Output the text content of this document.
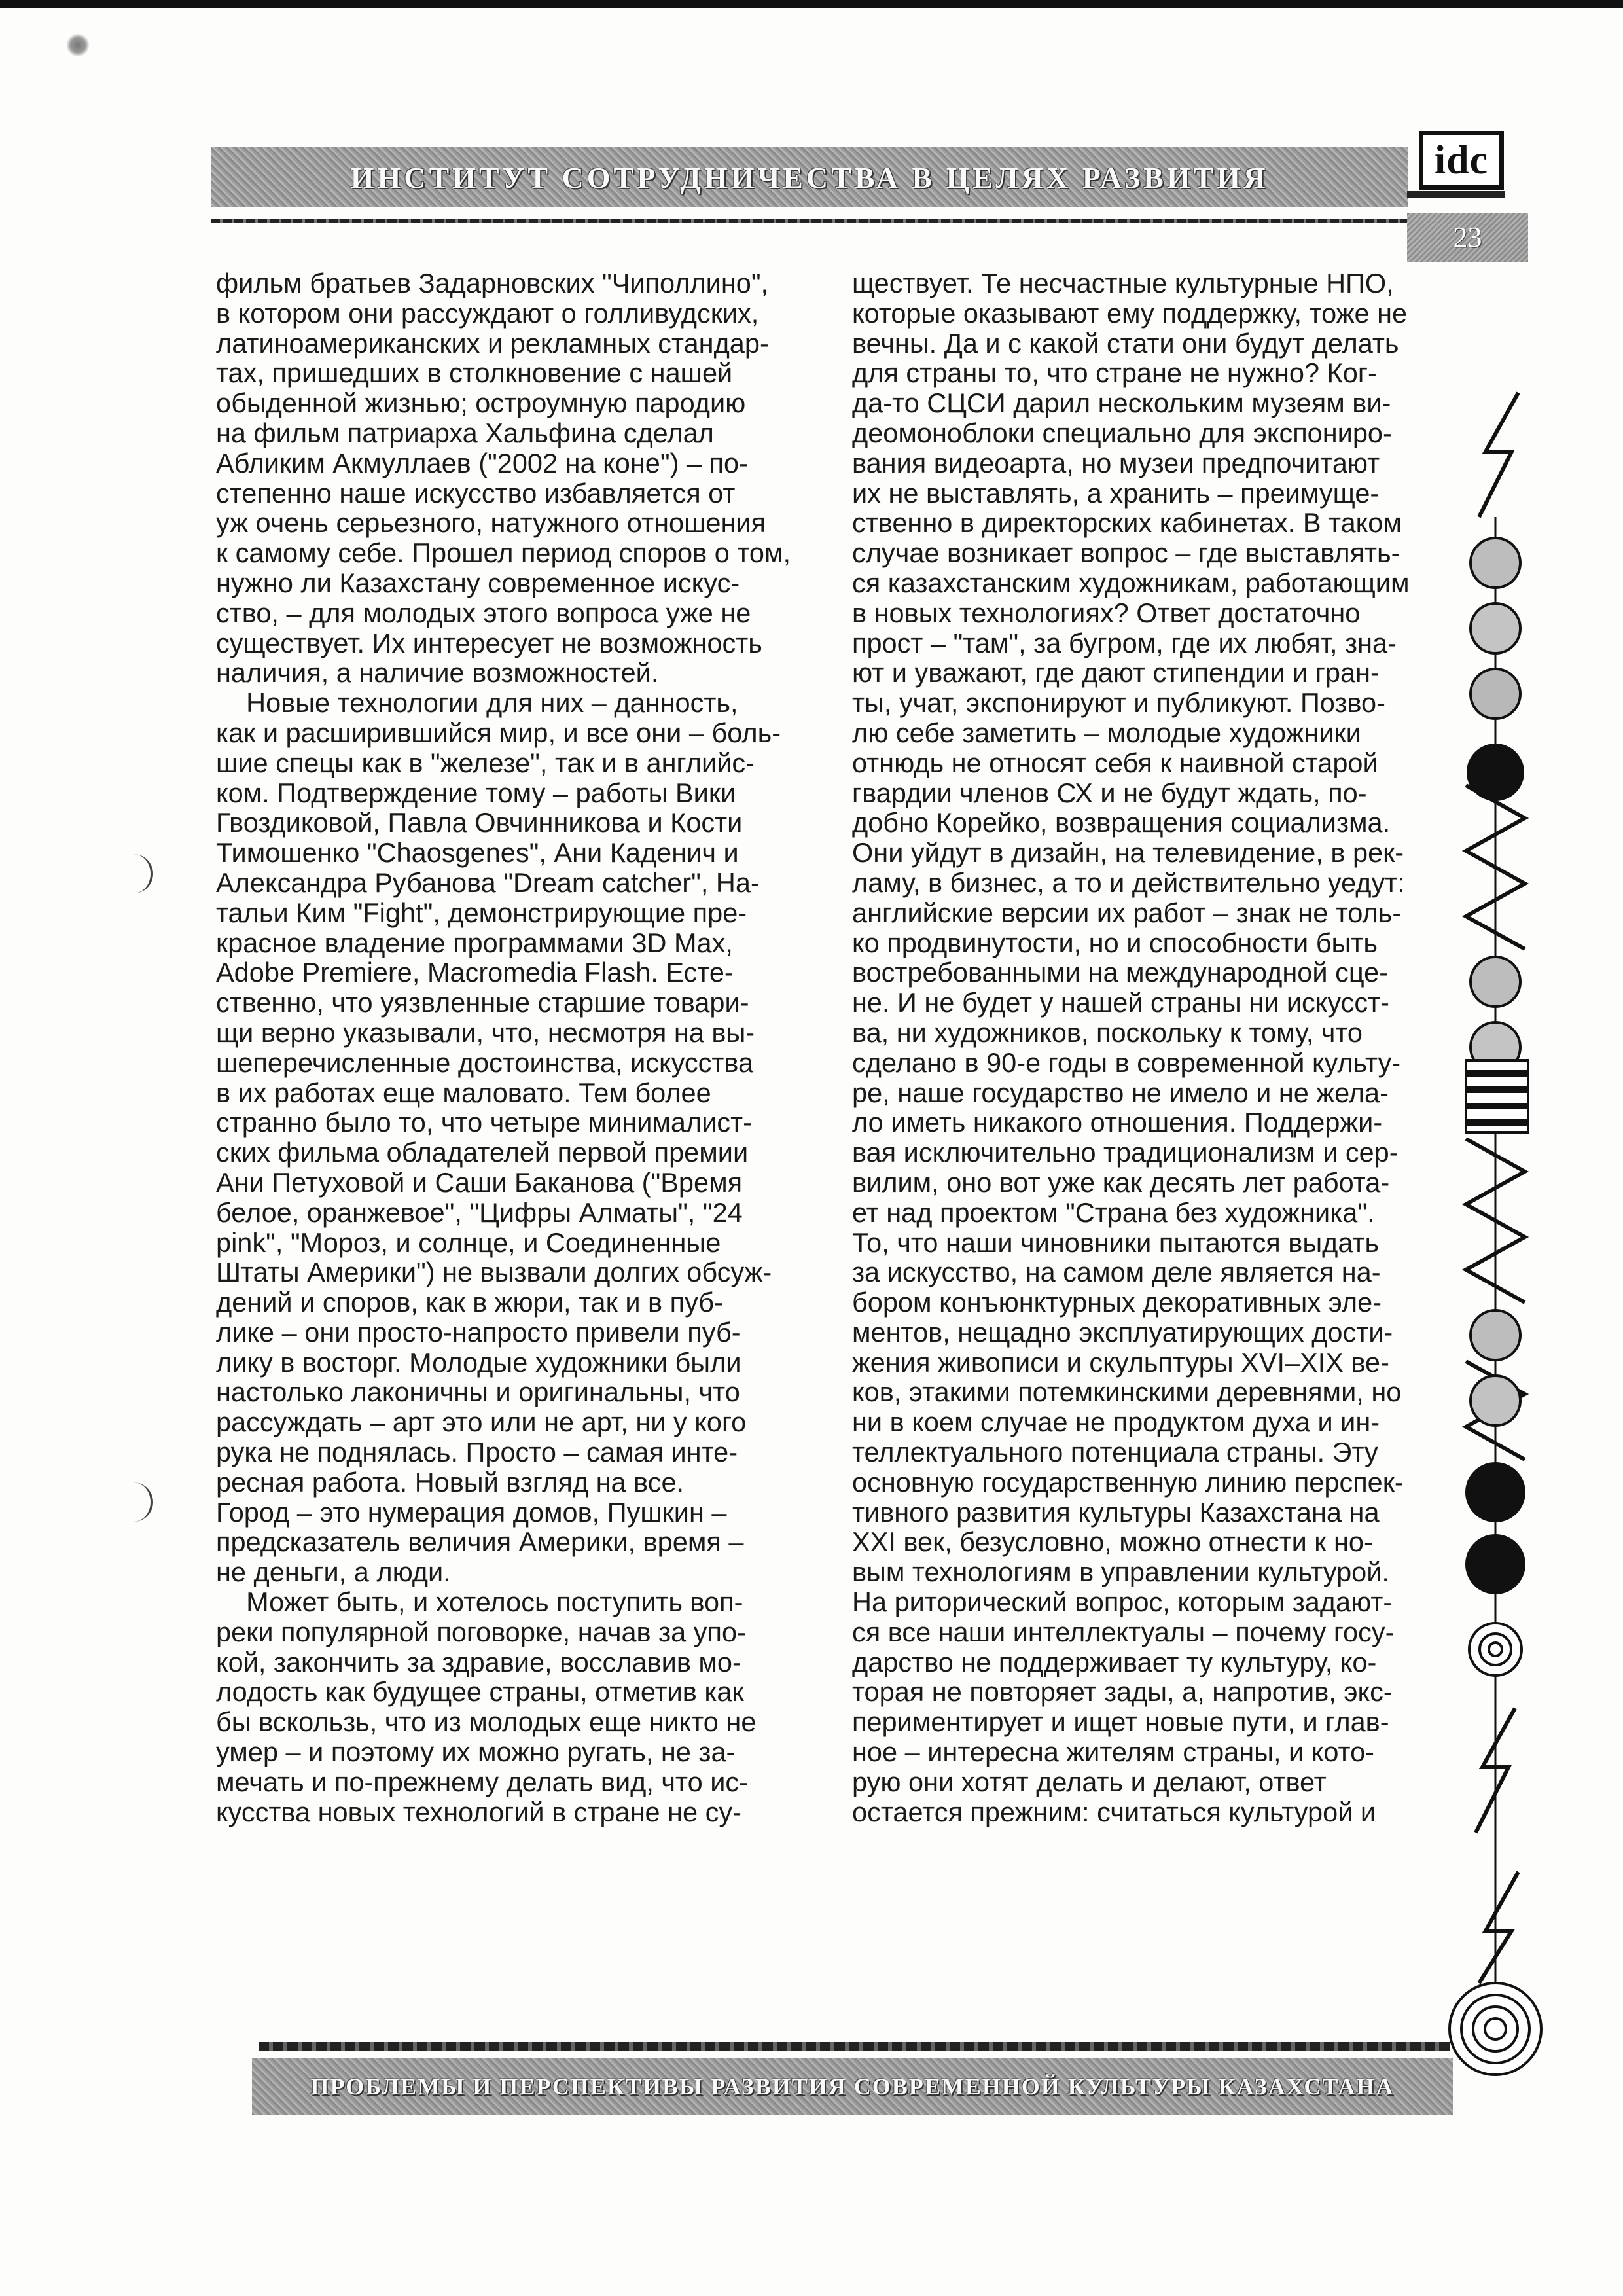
ИНСТИТУТ СОТРУДНИЧЕСТВА В ЦЕЛЯХ РАЗВИТИЯ	idc
23
фильм братьев Задарновских "Чиполлино",
в котором они рассуждают о голливудских,
латиноамериканских и рекламных стандар-
тах, пришедших в столкновение с нашей
обыденной жизнью; остроумную пародию
на фильм патриарха Хальфина сделал
Абликим Акмуллаев ("2002 на коне") – по-
степенно наше искусство избавляется от
уж очень серьезного, натужного отношения
к самому себе. Прошел период споров о том,
нужно ли Казахстану современное искус-
ство, – для молодых этого вопроса уже не
существует. Их интересует не возможность
наличия, а наличие возможностей.
Новые технологии для них – данность,
как и расширившийся мир, и все они – боль-
шие спецы как в "железе", так и в английс-
ком. Подтверждение тому – работы Вики
Гвоздиковой, Павла Овчинникова и Кости
Тимошенко "Chaosgenes", Ани Каденич и
Александра Рубанова "Dream catcher", На-
тальи Ким "Fight", демонстрирующие пре-
красное владение программами 3D Max,
Adobe Premiere, Macromedia Flash. Есте-
ственно, что уязвленные старшие товари-
щи верно указывали, что, несмотря на вы-
шеперечисленные достоинства, искусства
в их работах еще маловато. Тем более
странно было то, что четыре минималист-
ских фильма обладателей первой премии
Ани Петуховой и Саши Баканова ("Время
белое, оранжевое", "Цифры Алматы", "24
pink", "Мороз, и солнце, и Соединенные
Штаты Америки") не вызвали долгих обсуж-
дений и споров, как в жюри, так и в пуб-
лике – они просто-напросто привели пуб-
лику в восторг. Молодые художники были
настолько лаконичны и оригинальны, что
рассуждать – арт это или не арт, ни у кого
рука не поднялась. Просто – самая инте-
ресная работа. Новый взгляд на все.
Город – это нумерация домов, Пушкин –
предсказатель величия Америки, время –
не деньги, а люди.
Может быть, и хотелось поступить воп-
реки популярной поговорке, начав за упо-
кой, закончить за здравие, восславив мо-
лодость как будущее страны, отметив как
бы вскользь, что из молодых еще никто не
умер – и поэтому их можно ругать, не за-
мечать и по-прежнему делать вид, что ис-
кусства новых технологий в стране не су-
ществует. Те несчастные культурные НПО,
которые оказывают ему поддержку, тоже не
вечны. Да и с какой стати они будут делать
для страны то, что стране не нужно? Ког-
да-то СЦСИ дарил нескольким музеям ви-
деомоноблоки специально для экспониро-
вания видеоарта, но музеи предпочитают
их не выставлять, а хранить – преимуще-
ственно в директорских кабинетах. В таком
случае возникает вопрос – где выставлять-
ся казахстанским художникам, работающим
в новых технологиях? Ответ достаточно
прост – "там", за бугром, где их любят, зна-
ют и уважают, где дают стипендии и гран-
ты, учат, экспонируют и публикуют. Позво-
лю себе заметить – молодые художники
отнюдь не относят себя к наивной старой
гвардии членов СХ и не будут ждать, по-
добно Корейко, возвращения социализма.
Они уйдут в дизайн, на телевидение, в рек-
ламу, в бизнес, а то и действительно уедут:
английские версии их работ – знак не толь-
ко продвинутости, но и способности быть
востребованными на международной сце-
не. И не будет у нашей страны ни искусст-
ва, ни художников, поскольку к тому, что
сделано в 90-е годы в современной культу-
ре, наше государство не имело и не жела-
ло иметь никакого отношения. Поддержи-
вая исключительно традиционализм и сер-
вилим, оно вот уже как десять лет работа-
ет над проектом "Страна без художника".
То, что наши чиновники пытаются выдать
за искусство, на самом деле является на-
бором конъюнктурных декоративных эле-
ментов, нещадно эксплуатирующих дости-
жения живописи и скульптуры XVI–XIX ве-
ков, этакими потемкинскими деревнями, но
ни в коем случае не продуктом духа и ин-
теллектуального потенциала страны. Эту
основную государственную линию перспек-
тивного развития культуры Казахстана на
XXI век, безусловно, можно отнести к но-
вым технологиям в управлении культурой.
На риторический вопрос, которым задают-
ся все наши интеллектуалы – почему госу-
дарство не поддерживает ту культуру, ко-
торая не повторяет зады, а, напротив, экс-
периментирует и ищет новые пути, и глав-
ное – интересна жителям страны, и кото-
рую они хотят делать и делают, ответ
остается прежним: считаться культурой и
ПРОБЛЕМЫ И ПЕРСПЕКТИВЫ РАЗВИТИЯ СОВРЕМЕННОЙ КУЛЬТУРЫ КАЗАХСТАНА
